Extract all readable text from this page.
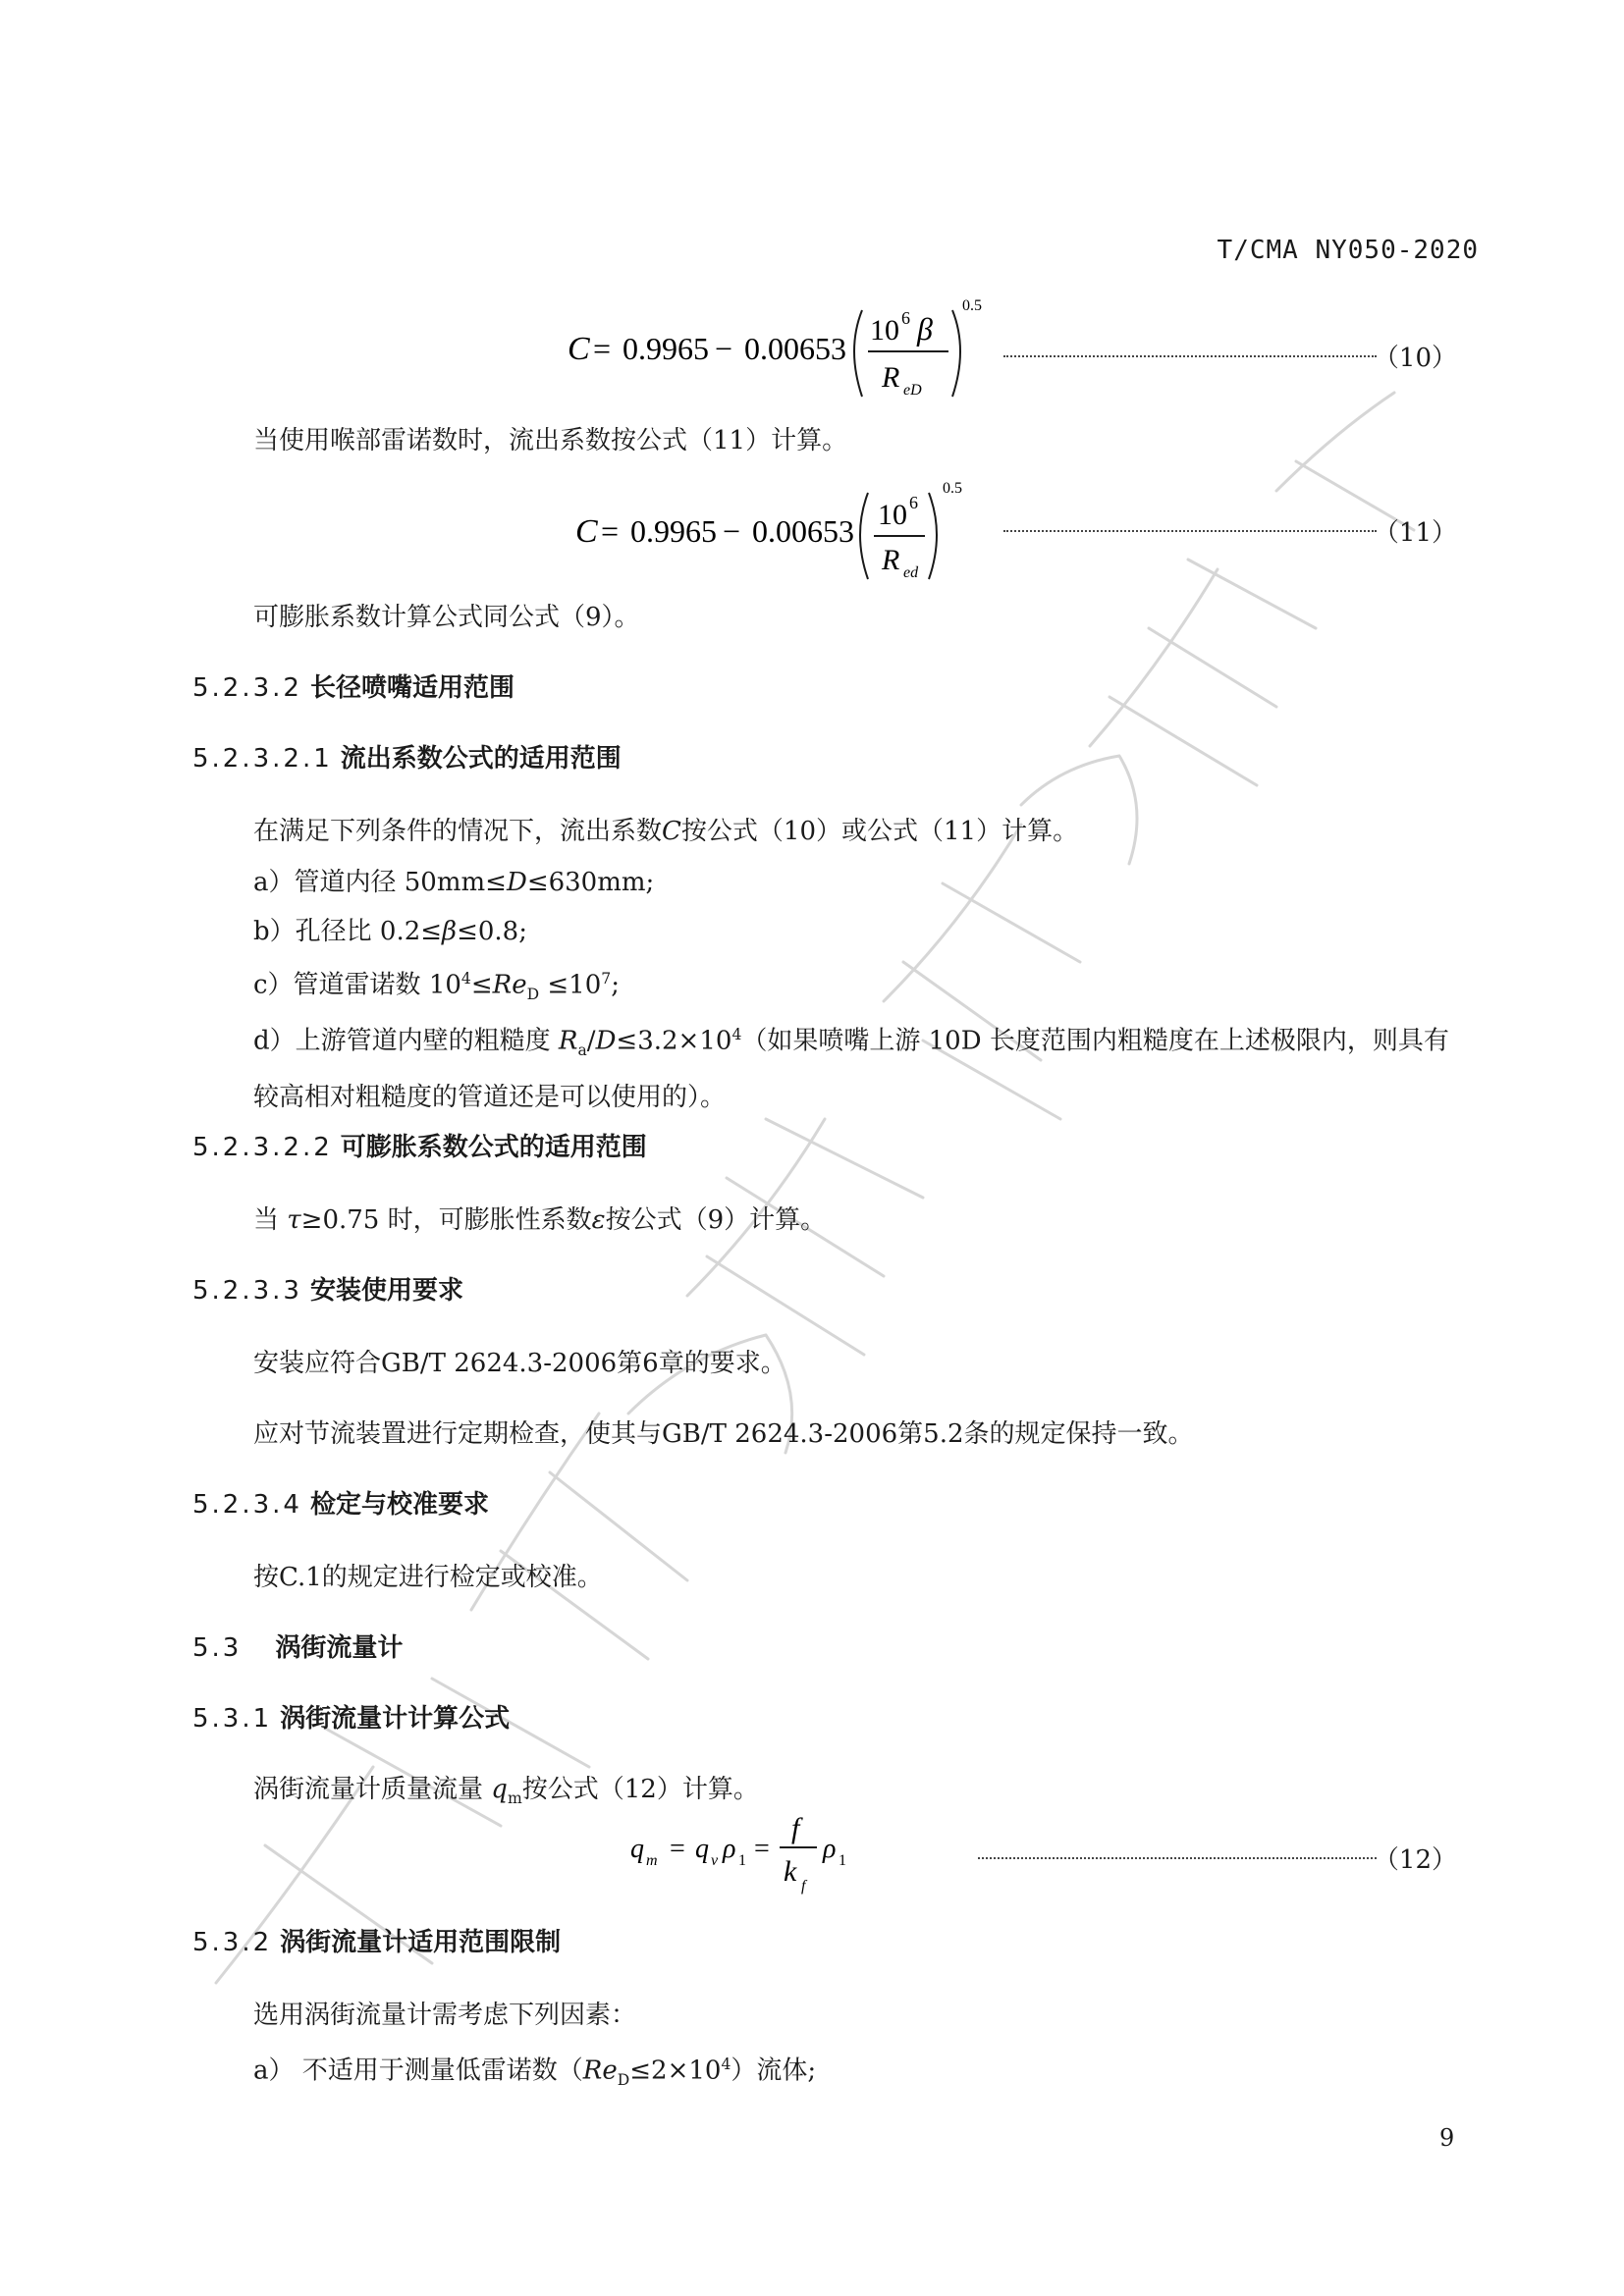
T/CMA NY050-2020
C = 0.9965 − 0.00653
10 6 β
R eD
0.5
（10）
当使用喉部雷诺数时，流出系数按公式（11）计算。
C = 0.9965 − 0.00653 10 6
R ed
0.5
（11）
可膨胀系数计算公式同公式（9）。
5.2.3.2 长径喷嘴适用范围
5.2.3.2.1 流出系数公式的适用范围
在满足下列条件的情况下，流出系数C按公式（10）或公式（11）计算。
a）管道内径 50mm≤D≤630mm;
b）孔径比 0.2≤β≤0.8;
c）管道雷诺数 $10^4\le Re_D \le 10^7$;
d）上游管道内壁的粗糙度 $R_a/D\le 3.2\times 10^4$（如果喷嘴上游 10D 长度范围内粗糙度在上述极限内，则具有较高相对粗糙度的管道还是可以使用的）。
5.2.3.2.2 可膨胀系数公式的适用范围
当 τ≥0.75 时，可膨胀性系数ε按公式（9）计算。
5.2.3.3 安装使用要求
安装应符合GB/T 2624.3-2006第6章的要求。
应对节流装置进行定期检查，使其与GB/T 2624.3-2006第5.2条的规定保持一致。
5.2.3.4 检定与校准要求
按C.1的规定进行检定或校准。
5.3 涡街流量计
5.3.1 涡街流量计计算公式
涡街流量计质量流量 $q_m$按公式（12）计算。
q m = q v ρ 1 =
f
k f
ρ 1	（12）
5.3.2 涡街流量计适用范围限制
选用涡街流量计需考虑下列因素：
a） 不适用于测量低雷诺数$(Re_D\le 2\times 10^4)$流体;
9
